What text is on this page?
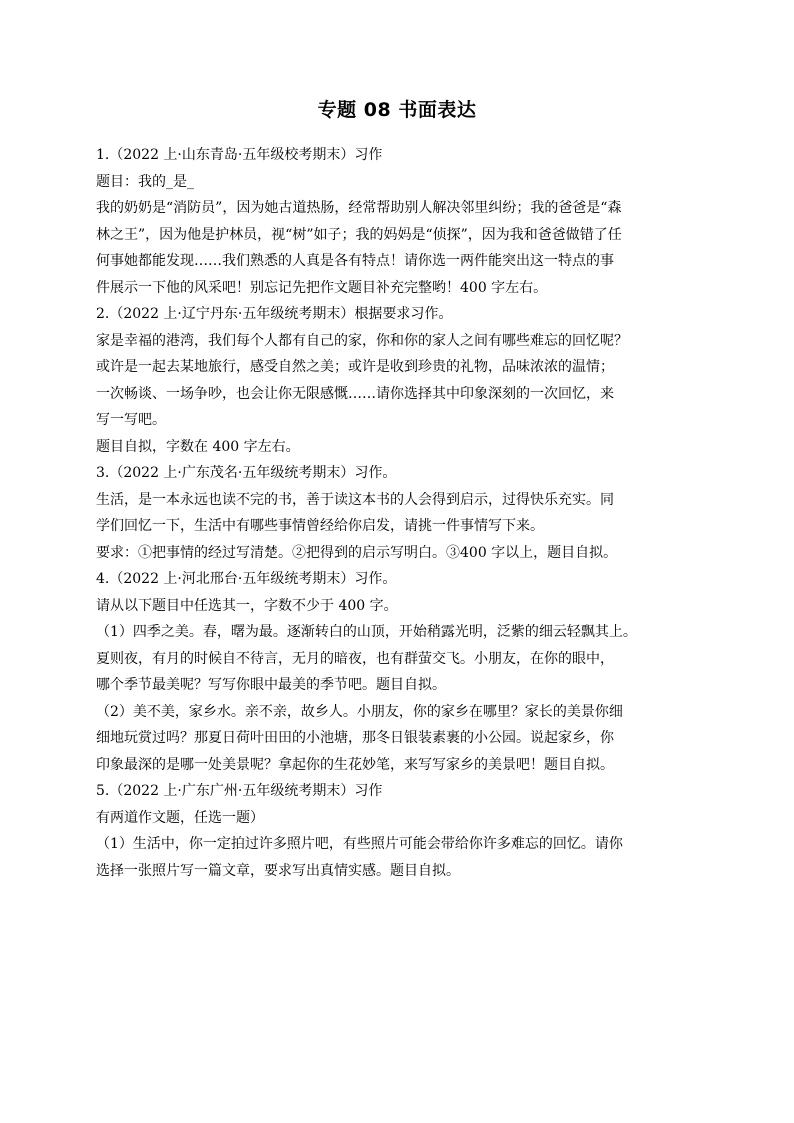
专题 08 书面表达
1.（2022 上·山东青岛·五年级校考期末）习作
题目：我的_是_
我的奶奶是“消防员”，因为她古道热肠，经常帮助别人解决邻里纠纷；我的爸爸是“森
林之王”，因为他是护林员，视“树”如子；我的妈妈是“侦探”，因为我和爸爸做错了任
何事她都能发现……我们熟悉的人真是各有特点！请你选一两件能突出这一特点的事
件展示一下他的风采吧！别忘记先把作文题目补充完整哟！400 字左右。
2.（2022 上·辽宁丹东·五年级统考期末）根据要求习作。
家是幸福的港湾，我们每个人都有自己的家，你和你的家人之间有哪些难忘的回忆呢？
或许是一起去某地旅行，感受自然之美；或许是收到珍贵的礼物，品味浓浓的温情；
一次畅谈、一场争吵，也会让你无限感慨……请你选择其中印象深刻的一次回忆，来
写一写吧。
题目自拟，字数在 400 字左右。
3.（2022 上·广东茂名·五年级统考期末）习作。
生活，是一本永远也读不完的书，善于读这本书的人会得到启示，过得快乐充实。同
学们回忆一下，生活中有哪些事情曾经给你启发，请挑一件事情写下来。
要求：①把事情的经过写清楚。②把得到的启示写明白。③400 字以上，题目自拟。
4.（2022 上·河北邢台·五年级统考期末）习作。
请从以下题目中任选其一，字数不少于 400 字。
（1）四季之美。春，曙为最。逐渐转白的山顶，开始稍露光明，泛紫的细云轻飘其上。
夏则夜，有月的时候自不待言，无月的暗夜，也有群萤交飞。小朋友，在你的眼中，
哪个季节最美呢？写写你眼中最美的季节吧。题目自拟。
（2）美不美，家乡水。亲不亲，故乡人。小朋友，你的家乡在哪里？家长的美景你细
细地玩赏过吗？那夏日荷叶田田的小池塘，那冬日银装素裹的小公园。说起家乡，你
印象最深的是哪一处美景呢？拿起你的生花妙笔，来写写家乡的美景吧！题目自拟。
5.（2022 上·广东广州·五年级统考期末）习作
有两道作文题，任选一题）
（1）生活中，你一定拍过许多照片吧，有些照片可能会带给你许多难忘的回忆。请你
选择一张照片写一篇文章，要求写出真情实感。题目自拟。
